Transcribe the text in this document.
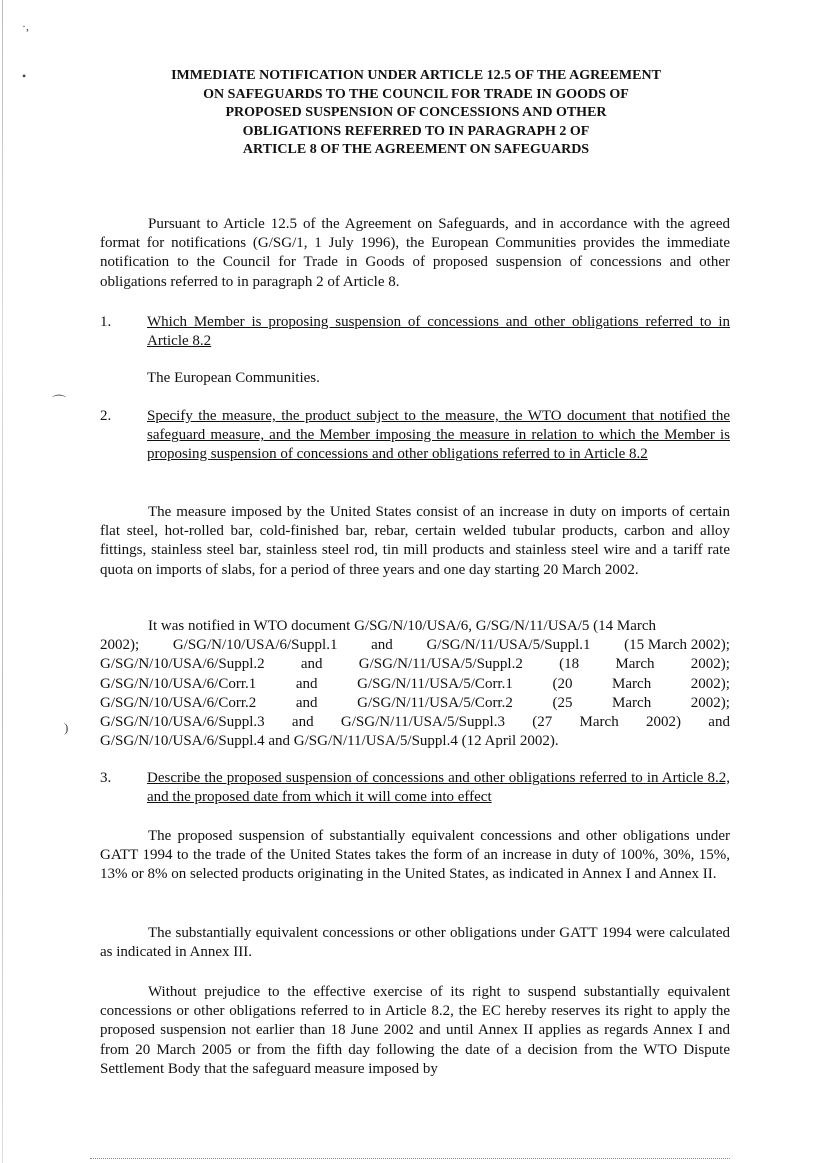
·,
•
⌒
)
IMMEDIATE NOTIFICATION UNDER ARTICLE 12.5 OF THE AGREEMENT
ON SAFEGUARDS TO THE COUNCIL FOR TRADE IN GOODS OF
PROPOSED SUSPENSION OF CONCESSIONS AND OTHER
OBLIGATIONS REFERRED TO IN PARAGRAPH 2 OF
ARTICLE 8 OF THE AGREEMENT ON SAFEGUARDS

Pursuant to Article 12.5 of the Agreement on Safeguards, and in accordance with the agreed format for notifications (G/SG/1, 1 July 1996), the European Communities provides the immediate notification to the Council for Trade in Goods of proposed suspension of concessions and other obligations referred to in paragraph 2 of Article 8.

1. Which Member is proposing suspension of concessions and other obligations referred to in Article 8.2
The European Communities.
2. Specify the measure, the product subject to the measure, the WTO document that notified the safeguard measure, and the Member imposing the measure in relation to which the Member is proposing suspension of concessions and other obligations referred to in Article 8.2

The measure imposed by the United States consist of an increase in duty on imports of certain flat steel, hot-rolled bar, cold-finished bar, rebar, certain welded tubular products, carbon and alloy fittings, stainless steel bar, stainless steel rod, tin mill products and stainless steel wire and a tariff rate quota on imports of slabs, for a period of three years and one day starting 20 March 2002.

It was notified in WTO document G/SG/N/10/USA/6, G/SG/N/11/USA/5 (14 March
2002); G/SG/N/10/USA/6/Suppl.1 and G/SG/N/11/USA/5/Suppl.1 (15 March 2002);
G/SG/N/10/USA/6/Suppl.2 and G/SG/N/11/USA/5/Suppl.2 (18 March 2002);
G/SG/N/10/USA/6/Corr.1	and	G/SG/N/11/USA/5/Corr.1	(20	March	2002);
G/SG/N/10/USA/6/Corr.2	and	G/SG/N/11/USA/5/Corr.2	(25	March	2002);
G/SG/N/10/USA/6/Suppl.3 and G/SG/N/11/USA/5/Suppl.3 (27 March 2002) and
G/SG/N/10/USA/6/Suppl.4 and G/SG/N/11/USA/5/Suppl.4 (12 April 2002).
3. Describe the proposed suspension of concessions and other obligations referred to in Article 8.2, and the proposed date from which it will come into effect

The proposed suspension of substantially equivalent concessions and other obligations under GATT 1994 to the trade of the United States takes the form of an increase in duty of 100%, 30%, 15%, 13% or 8% on selected products originating in the United States, as indicated in Annex I and Annex II.

The substantially equivalent concessions or other obligations under GATT 1994 were calculated as indicated in Annex III.

Without prejudice to the effective exercise of its right to suspend substantially equivalent concessions or other obligations referred to in Article 8.2, the EC hereby reserves its right to apply the proposed suspension not earlier than 18 June 2002 and until Annex II applies as regards Annex I and from 20 March 2005 or from the fifth day following the date of a decision from the WTO Dispute Settlement Body that the safeguard measure imposed by
